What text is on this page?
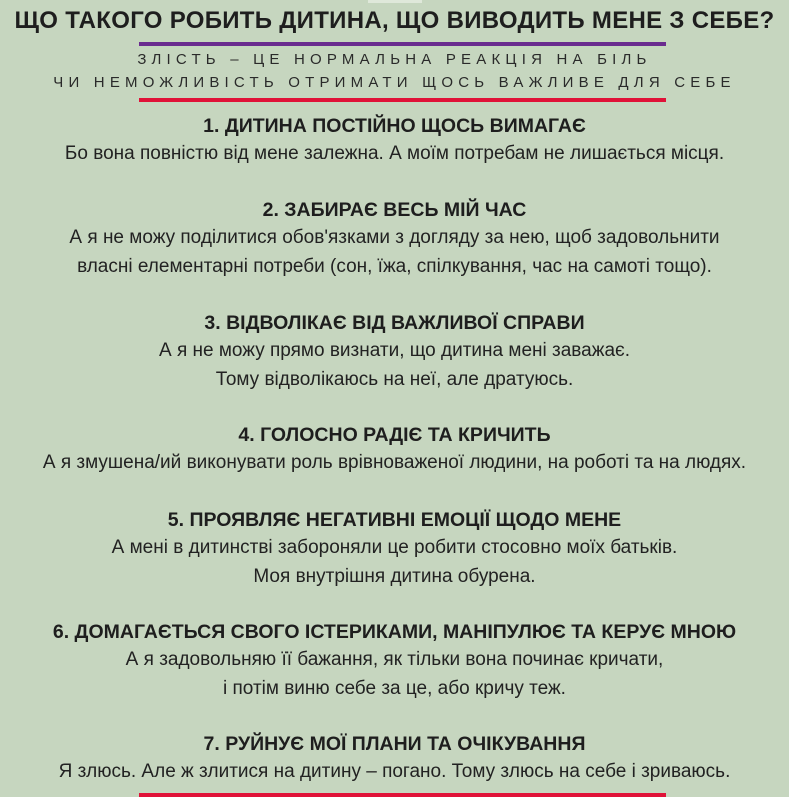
ЩО ТАКОГО РОБИТЬ ДИТИНА, ЩО ВИВОДИТЬ МЕНЕ З СЕБЕ?
ЗЛІСТЬ – ЦЕ НОРМАЛЬНА РЕАКЦІЯ НА БІЛЬ
ЧИ НЕМОЖЛИВІСТЬ ОТРИМАТИ ЩОСЬ ВАЖЛИВЕ ДЛЯ СЕБЕ
1. ДИТИНА ПОСТІЙНО ЩОСЬ ВИМАГАЄ
Бо вона повністю від мене залежна. А моїм потребам не лишається місця.
2. ЗАБИРАЄ ВЕСЬ МІЙ ЧАС
А я не можу поділитися обов'язками з догляду за нею, щоб задовольнити
власні елементарні потреби (сон, їжа, спілкування, час на самоті тощо).
3. ВІДВОЛІКАЄ ВІД ВАЖЛИВОЇ СПРАВИ
А я не можу прямо визнати, що дитина мені заважає.
Тому відволікаюсь на неї, але дратуюсь.
4. ГОЛОСНО РАДІЄ ТА КРИЧИТЬ
А я змушена/ий виконувати роль врівноваженої людини, на роботі та на людях.
5. ПРОЯВЛЯЄ НЕГАТИВНІ ЕМОЦІЇ ЩОДО МЕНЕ
А мені в дитинстві забороняли це робити стосовно моїх батьків.
Моя внутрішня дитина обурена.
6. ДОМАГАЄТЬСЯ СВОГО ІСТЕРИКАМИ, МАНІПУЛЮЄ ТА КЕРУЄ МНОЮ
А я задовольняю її бажання, як тільки вона починає кричати,
і потім виню себе за це, або кричу теж.
7. РУЙНУЄ МОЇ ПЛАНИ ТА ОЧІКУВАННЯ
Я злюсь. Але ж злитися на дитину – погано. Тому злюсь на себе і зриваюсь.
